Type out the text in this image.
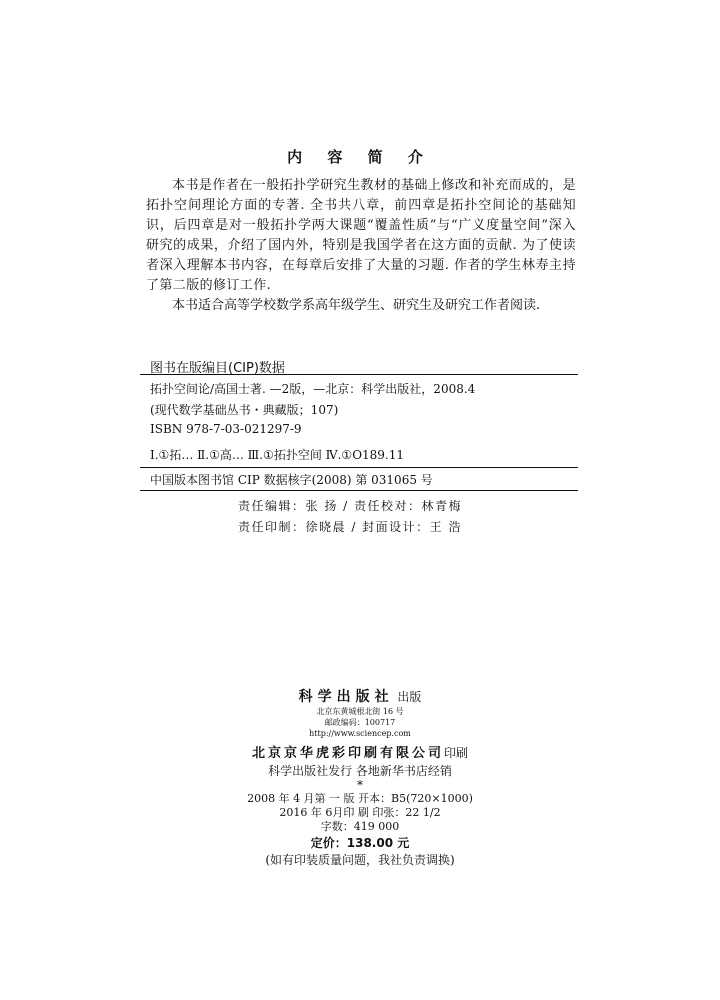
内 容 简 介

本书是作者在一般拓扑学研究生教材的基础上修改和补充而成的，是拓扑空间理论方面的专著. 全书共八章，前四章是拓扑空间论的基础知识，后四章是对一般拓扑学两大课题“覆盖性质”与“广义度量空间”深入研究的成果，介绍了国内外，特别是我国学者在这方面的贡献. 为了使读者深入理解本书内容，在每章后安排了大量的习题. 作者的学生林寿主持了第二版的修订工作.

本书适合高等学校数学系高年级学生、研究生及研究工作者阅读.

图书在版编目(CIP)数据
拓扑空间论/高国士著. —2版，—北京：科学出版社，2008.4
(现代数学基础丛书・典藏版；107)
ISBN 978-7-03-021297-9
Ⅰ.①拓… Ⅱ.①高… Ⅲ.①拓扑空间 Ⅳ.①O189.11
中国版本图书馆 CIP 数据核字(2008) 第 031065 号
责任编辑：张 扬 / 责任校对：林青梅
责任印制：徐晓晨 / 封面设计：王 浩
科学出版社 出版
北京东黄城根北街 16 号
邮政编码：100717
http://www.sciencep.com
北京京华虎彩印刷有限公司印刷
科学出版社发行 各地新华书店经销
*
2008 年 4 月第 一 版 开本：B5(720×1000)
2016 年 6月印 刷 印张：22 1/2
字数：419 000
定价：138.00 元
(如有印装质量问题，我社负责调换)
